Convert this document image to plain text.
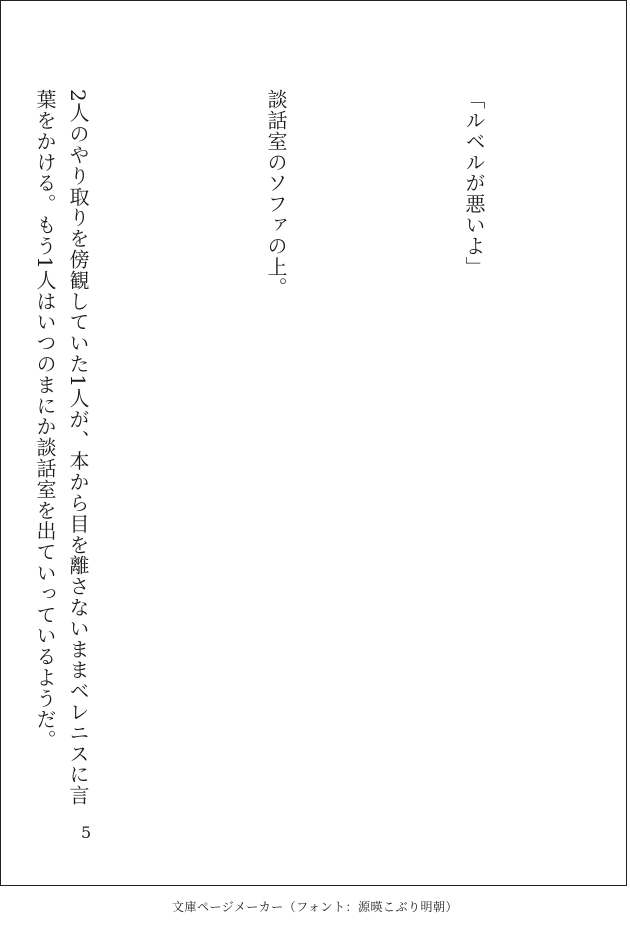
「ルベルが悪いよ」

談話室のソファの上。

2人のやり取りを傍観していた1人が、本から目を離さないままベレニスに言葉をかける。もう1人はいつのまにか談話室を出ていっているようだ。

5
文庫ページメーカー（フォント：源暎こぶり明朝）
